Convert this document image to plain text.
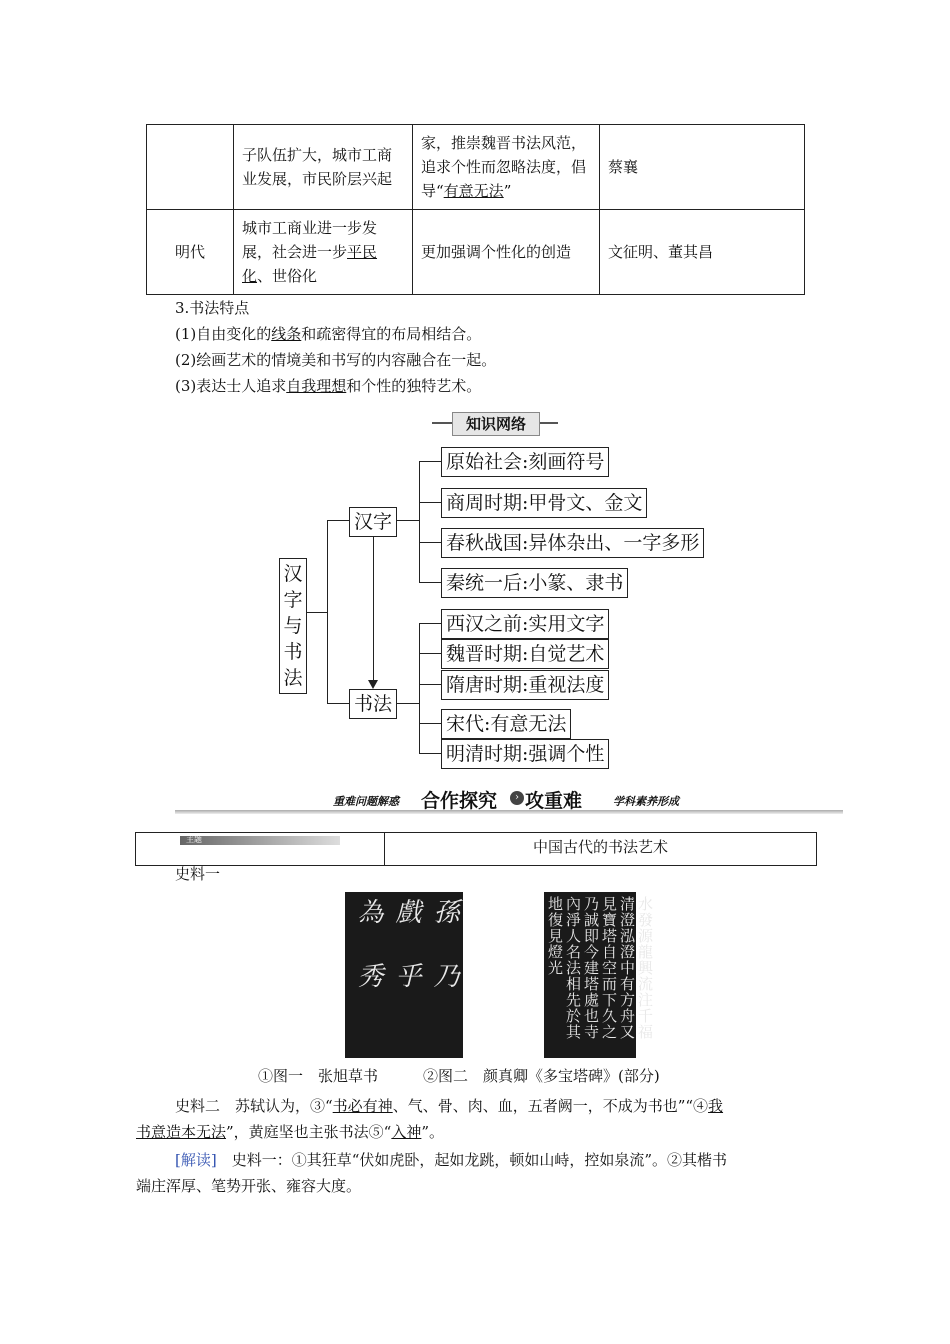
	子队伍扩大，城市工商业发展，市民阶层兴起	家，推崇魏晋书法风范，追求个性而忽略法度，倡导“有意无法”	蔡襄
明代	城市工商业进一步发展，社会进一步平民化、世俗化	更加强调个性化的创造	文征明、董其昌
3.书法特点
(1)自由变化的线条和疏密得宜的布局相结合。
(2)绘画艺术的情境美和书写的内容融合在一起。
(3)表达士人追求自我理想和个性的独特艺术。
知识网络
汉字与书法
汉字
书法
原始社会:刻画符号
商周时期:甲骨文、金文
春秋战国:异体杂出、一字多形
秦统一后:小篆、隶书
西汉之前:实用文字
魏晋时期:自觉艺术
隋唐时期:重视法度
宋代:有意无法
明清时期:强调个性
重难问题解惑 合作探究	› 攻重难	学科素养形成
主题	中国古代的书法艺术
史料一
孫　乃　戲　乎　為　秀	水發源龍興流注千福清澄泓澄中有方舟又見寶塔自空而下久之乃誠即今建塔處也寺內淨人名法相先於其地復見燈光
①图一　张旭草书　　　②图二　颜真卿《多宝塔碑》(部分)
史料二　苏轼认为，③“书必有神、气、骨、肉、血，五者阙一，不成为书也”“④我
书意造本无法”，黄庭坚也主张书法⑤“入神”。
[解读]　史料一：①其狂草“伏如虎卧，起如龙跳，顿如山峙，控如泉流”。②其楷书
端庄浑厚、笔势开张、雍容大度。
